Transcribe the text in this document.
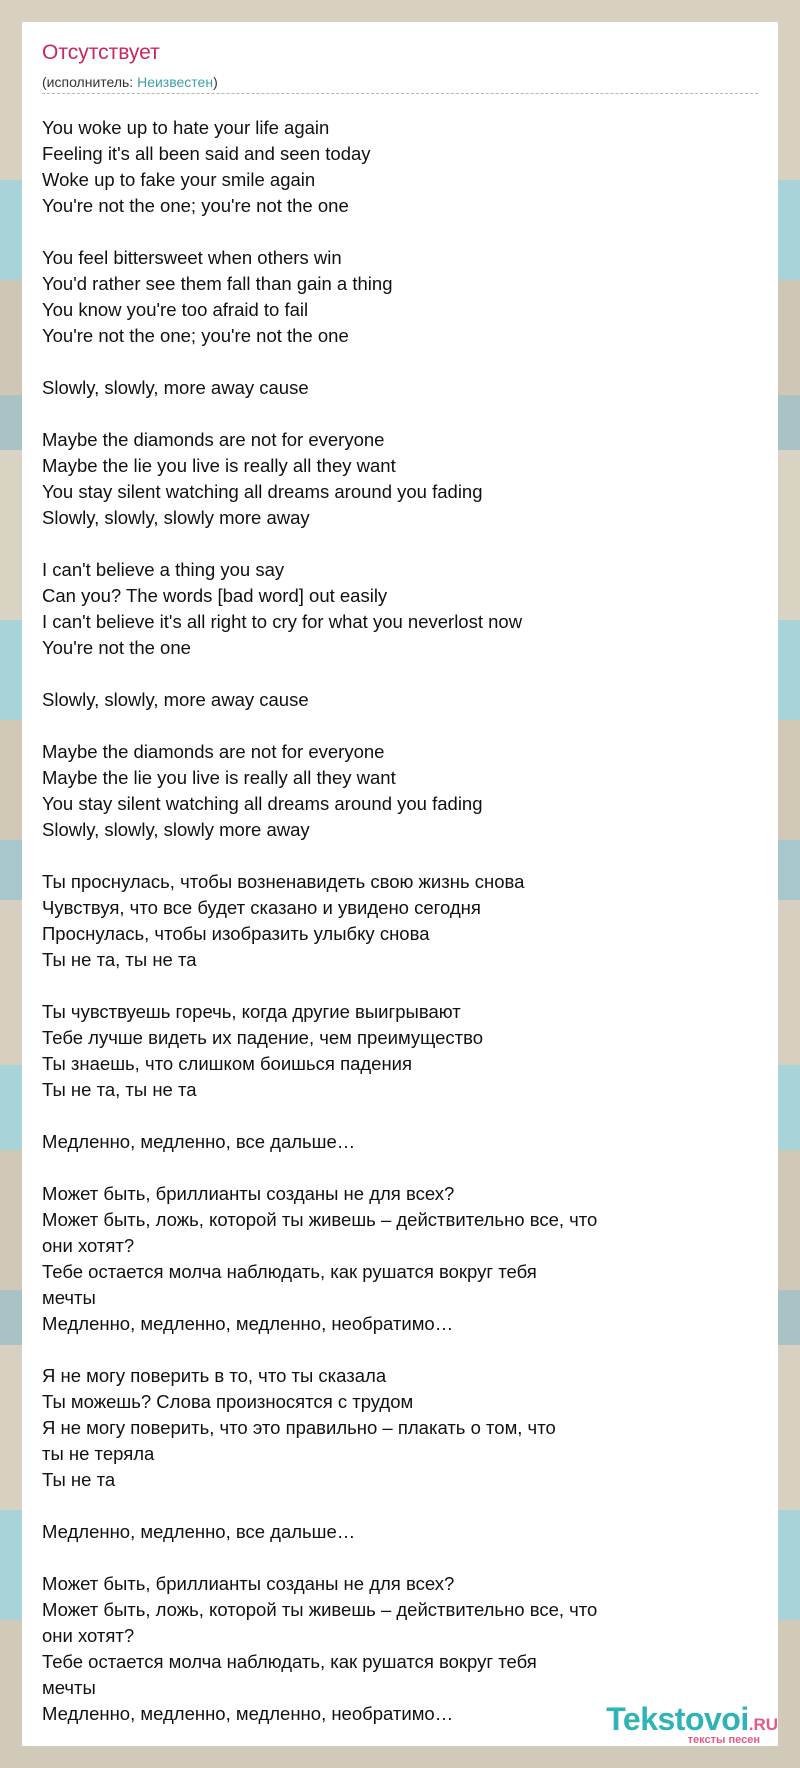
Отсутствует
(исполнитель: Неизвестен)
You woke up to hate your life again
Feeling it's all been said and seen today
Woke up to fake your smile again
You're not the one; you're not the one
You feel bittersweet when others win
You'd rather see them fall than gain a thing
You know you're too afraid to fail
You're not the one; you're not the one
Slowly, slowly, more away cause
Maybe the diamonds are not for everyone
Maybe the lie you live is really all they want
You stay silent watching all dreams around you fading
Slowly, slowly, slowly more away
I can't believe a thing you say
Can you? The words [bad word] out easily
I can't believe it's all right to cry for what you neverlost now
You're not the one
Slowly, slowly, more away cause
Maybe the diamonds are not for everyone
Maybe the lie you live is really all they want
You stay silent watching all dreams around you fading
Slowly, slowly, slowly more away
Ты проснулась, чтобы возненавидеть свою жизнь снова
Чувствуя, что все будет сказано и увидено сегодня
Проснулась, чтобы изобразить улыбку снова
Ты не та, ты не та
Ты чувствуешь горечь, когда другие выигрывают
Тебе лучше видеть их падение, чем преимущество
Ты знаешь, что слишком боишься падения
Ты не та, ты не та
Медленно, медленно, все дальше…
Может быть, бриллианты созданы не для всех?
Может быть, ложь, которой ты живешь – действительно все, что
они хотят?
Тебе остается молча наблюдать, как рушатся вокруг тебя
мечты
Медленно, медленно, медленно, необратимо…
Я не могу поверить в то, что ты сказала
Ты можешь? Слова произносятся с трудом
Я не могу поверить, что это правильно – плакать о том, что
ты не теряла
Ты не та
Медленно, медленно, все дальше…
Может быть, бриллианты созданы не для всех?
Может быть, ложь, которой ты живешь – действительно все, что
они хотят?
Тебе остается молча наблюдать, как рушатся вокруг тебя
мечты
Медленно, медленно, медленно, необратимо…	Tekstovoi.RU
тексты песен
